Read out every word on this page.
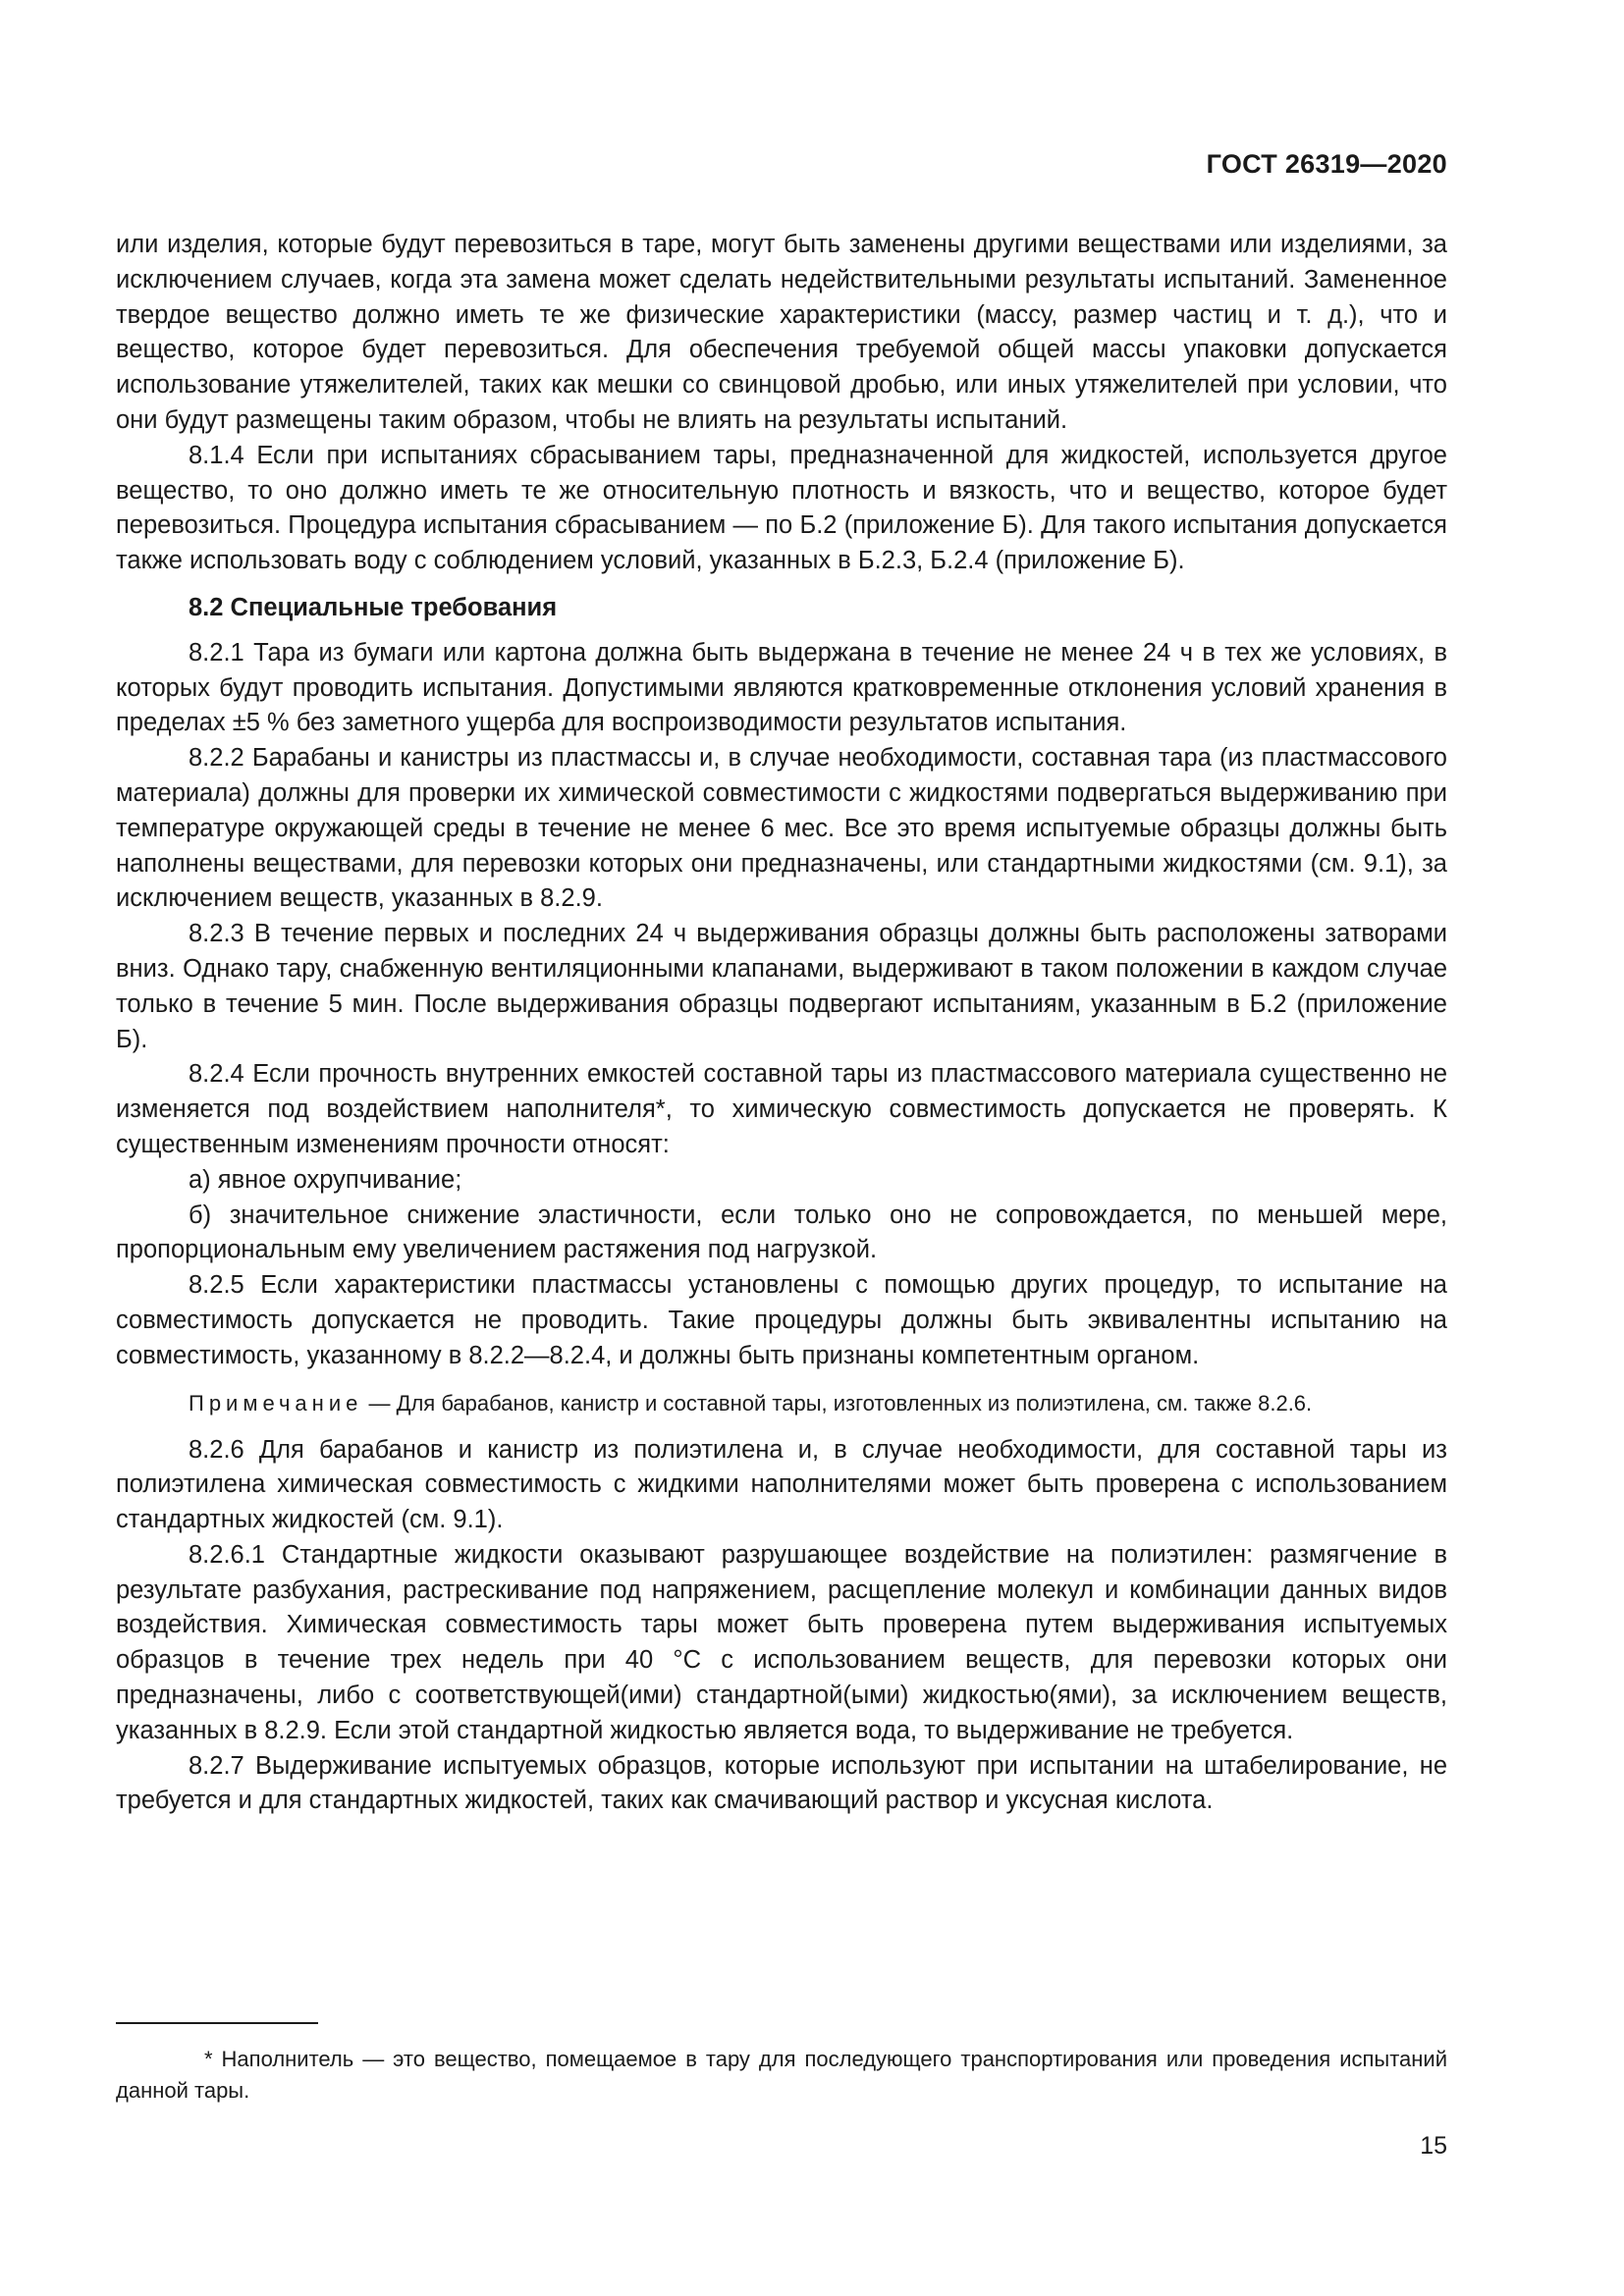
ГОСТ 26319—2020

или изделия, которые будут перевозиться в таре, могут быть заменены другими веществами или изделиями, за исключением случаев, когда эта замена может сделать недействительными результаты испытаний. Замененное твердое вещество должно иметь те же физические характеристики (массу, размер частиц и т. д.), что и вещество, которое будет перевозиться. Для обеспечения требуемой общей массы упаковки допускается использование утяжелителей, таких как мешки со свинцовой дробью, или иных утяжелителей при условии, что они будут размещены таким образом, чтобы не влиять на результаты испытаний.

8.1.4 Если при испытаниях сбрасыванием тары, предназначенной для жидкостей, используется другое вещество, то оно должно иметь те же относительную плотность и вязкость, что и вещество, которое будет перевозиться. Процедура испытания сбрасыванием — по Б.2 (приложение Б). Для такого испытания допускается также использовать воду с соблюдением условий, указанных в Б.2.3, Б.2.4 (приложение Б).

8.2 Специальные требования

8.2.1 Тара из бумаги или картона должна быть выдержана в течение не менее 24 ч в тех же условиях, в которых будут проводить испытания. Допустимыми являются кратковременные отклонения условий хранения в пределах ±5 % без заметного ущерба для воспроизводимости результатов испытания.

8.2.2 Барабаны и канистры из пластмассы и, в случае необходимости, составная тара (из пластмассового материала) должны для проверки их химической совместимости с жидкостями подвергаться выдерживанию при температуре окружающей среды в течение не менее 6 мес. Все это время испытуемые образцы должны быть наполнены веществами, для перевозки которых они предназначены, или стандартными жидкостями (см. 9.1), за исключением веществ, указанных в 8.2.9.

8.2.3 В течение первых и последних 24 ч выдерживания образцы должны быть расположены затворами вниз. Однако тару, снабженную вентиляционными клапанами, выдерживают в таком положении в каждом случае только в течение 5 мин. После выдерживания образцы подвергают испытаниям, указанным в Б.2 (приложение Б).

8.2.4 Если прочность внутренних емкостей составной тары из пластмассового материала существенно не изменяется под воздействием наполнителя*, то химическую совместимость допускается не проверять. К существенным изменениям прочности относят:

а) явное охрупчивание;

б) значительное снижение эластичности, если только оно не сопровождается, по меньшей мере, пропорциональным ему увеличением растяжения под нагрузкой.

8.2.5 Если характеристики пластмассы установлены с помощью других процедур, то испытание на совместимость допускается не проводить. Такие процедуры должны быть эквивалентны испытанию на совместимость, указанному в 8.2.2—8.2.4, и должны быть признаны компетентным органом.

Примечание — Для барабанов, канистр и составной тары, изготовленных из полиэтилена, см. также 8.2.6.

8.2.6 Для барабанов и канистр из полиэтилена и, в случае необходимости, для составной тары из полиэтилена химическая совместимость с жидкими наполнителями может быть проверена с использованием стандартных жидкостей (см. 9.1).

8.2.6.1 Стандартные жидкости оказывают разрушающее воздействие на полиэтилен: размягчение в результате разбухания, растрескивание под напряжением, расщепление молекул и комбинации данных видов воздействия. Химическая совместимость тары может быть проверена путем выдерживания испытуемых образцов в течение трех недель при 40 °С с использованием веществ, для перевозки которых они предназначены, либо с соответствующей(ими) стандартной(ыми) жидкостью(ями), за исключением веществ, указанных в 8.2.9. Если этой стандартной жидкостью является вода, то выдерживание не требуется.

8.2.7 Выдерживание испытуемых образцов, которые используют при испытании на штабелирование, не требуется и для стандартных жидкостей, таких как смачивающий раствор и уксусная кислота.

* Наполнитель — это вещество, помещаемое в тару для последующего транспортирования или проведения испытаний данной тары.
15
